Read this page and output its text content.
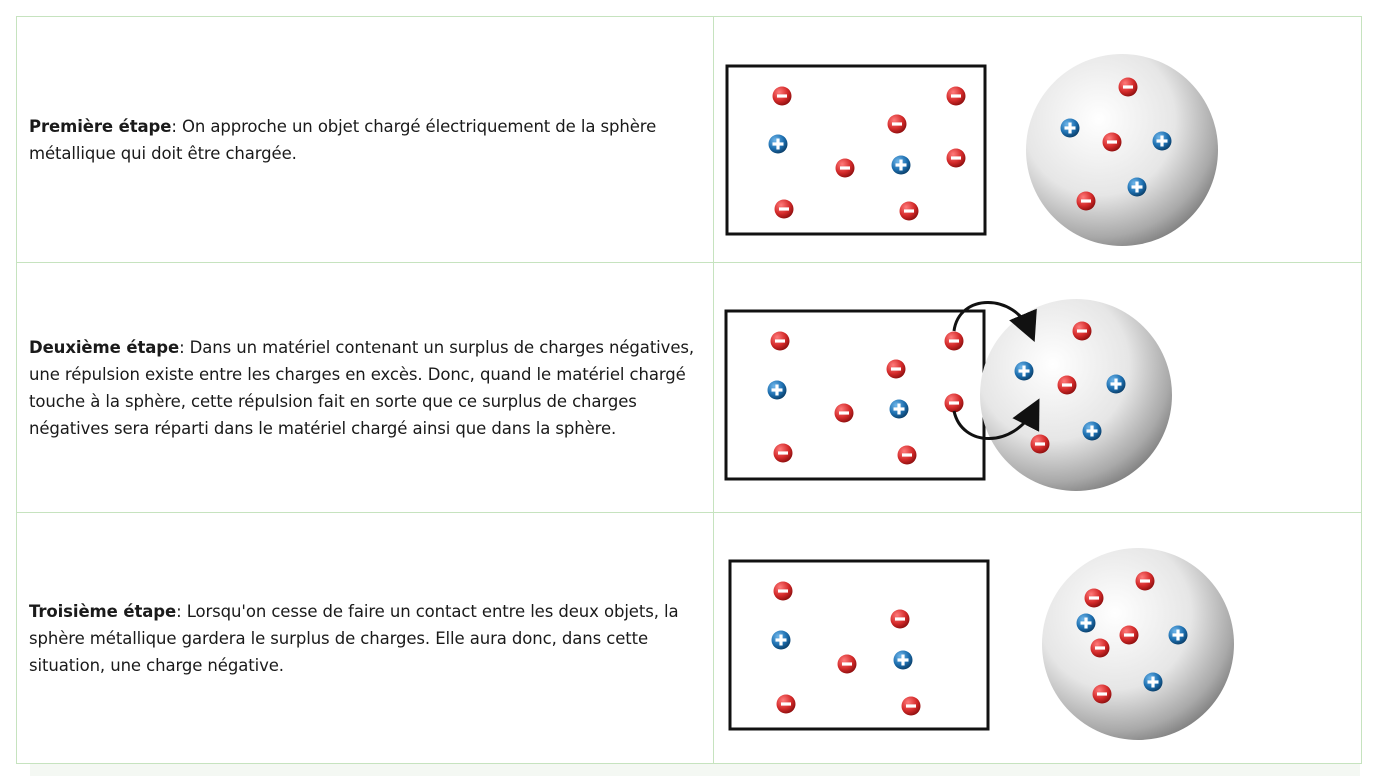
Première étape: On approche un objet chargé électriquement de la sphère métallique qui doit être chargée.

Deuxième étape: Dans un matériel contenant un surplus de charges négatives, une répulsion existe entre les charges en excès. Donc, quand le matériel chargé touche à la sphère, cette répulsion fait en sorte que ce surplus de charges négatives sera réparti dans le matériel chargé ainsi que dans la sphère.

Troisième étape: Lorsqu'on cesse de faire un contact entre les deux objets, la sphère métallique gardera le surplus de charges. Elle aura donc, dans cette situation, une charge négative.
